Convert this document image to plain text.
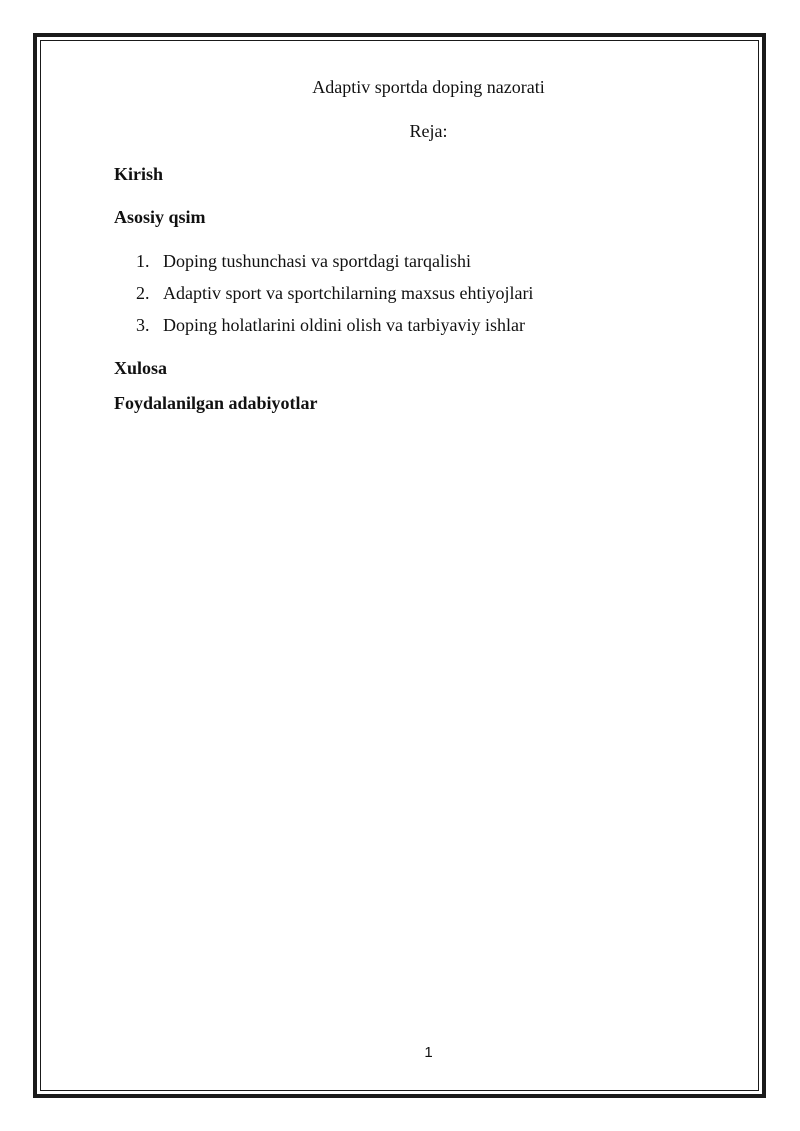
Adaptiv sportda doping nazorati
Reja:
Kirish
Asosiy qsim
1. Doping tushunchasi va sportdagi tarqalishi
2. Adaptiv sport va sportchilarning maxsus ehtiyojlari
3. Doping holatlarini oldini olish va tarbiyaviy ishlar
Xulosa
Foydalanilgan adabiyotlar
1
